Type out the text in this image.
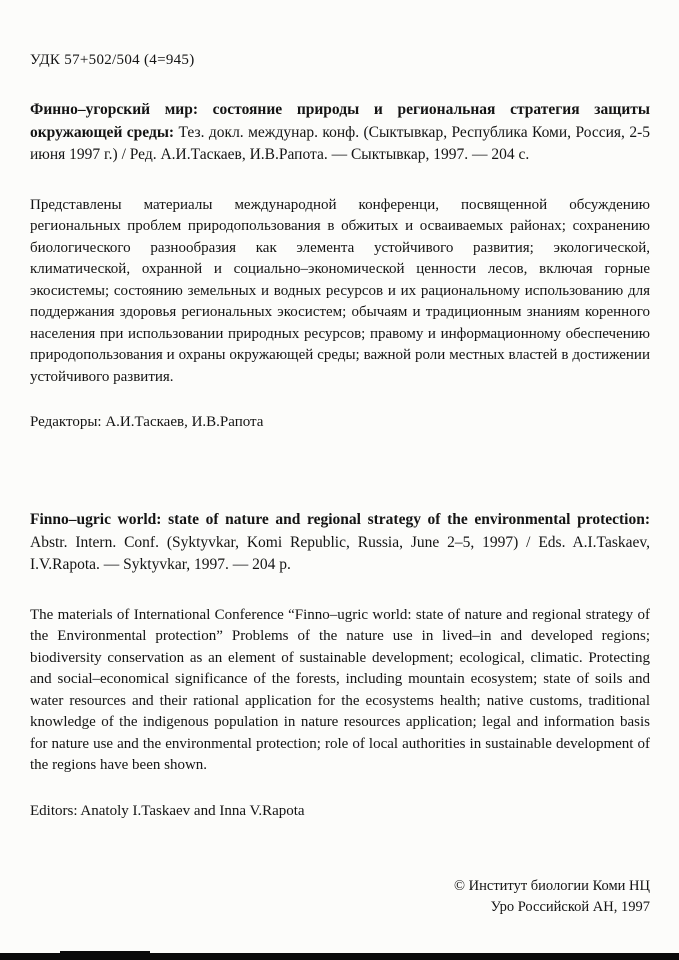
УДК 57+502/504 (4=945)

Финно–угорский мир: состояние природы и региональная стратегия защиты окружающей среды: Тез. докл. междунар. конф. (Сыктывкар, Республика Коми, Россия, 2-5 июня 1997 г.) / Ред. А.И.Таскаев, И.В.Рапота. — Сыктывкар, 1997. — 204 с.

Представлены материалы международной конференци, посвященной обсуждению региональных проблем природопользования в обжитых и осваиваемых районах; сохранению биологического разнообразия как элемента устойчивого развития; экологической, климатической, охранной и социально–экономической ценности лесов, включая горные экосистемы; состоянию земельных и водных ресурсов и их рациональному использованию для поддержания здоровья региональных экосистем; обычаям и традиционным знаниям коренного населения при использовании природных ресурсов; правому и информационному обеспечению природопользования и охраны окружающей среды; важной роли местных властей в достижении устойчивого развития.

Редакторы: А.И.Таскаев, И.В.Рапота

Finno–ugric world: state of nature and regional strategy of the environmental protection: Abstr. Intern. Conf. (Syktyvkar, Komi Republic, Russia, June 2–5, 1997) / Eds. A.I.Taskaev, I.V.Rapota. — Syktyvkar, 1997. — 204 p.

The materials of International Conference “Finno–ugric world: state of nature and regional strategy of the Environmental protection” Problems of the nature use in lived–in and developed regions; biodiversity conservation as an element of sustainable development; ecological, climatic. Protecting and social–economical significance of the forests, including mountain ecosystem; state of soils and water resources and their rational application for the ecosystems health; native customs, traditional knowledge of the indigenous population in nature resources application; legal and information basis for nature use and the environmental protection; role of local authorities in sustainable development of the regions have been shown.

Editors: Anatoly I.Taskaev and Inna V.Rapota

© Институт биологии Коми НЦ
Уро Российской АН, 1997
